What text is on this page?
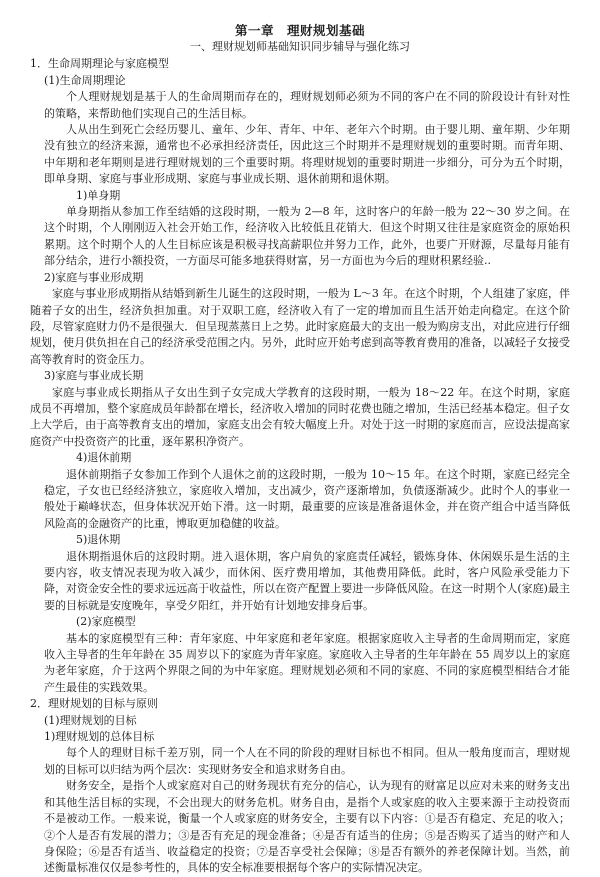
第一章　理财规划基础
一、理财规划师基础知识同步辅导与强化练习
1．生命周期理论与家庭模型
(1)生命周期理论

个人理财规划是基于人的生命周期而存在的，理财规划师必须为不同的客户在不同的阶段设计有针对性的策略，来帮助他们实现自己的生活目标。

人从出生到死亡会经历婴儿、童年、少年、青年、中年、老年六个时期。由于婴儿期、童年期、少年期没有独立的经济来源，通常也不必承担经济责任，因此这三个时期并不是理财规划的重要时期。而青年期、中年期和老年期则是进行理财规划的三个重要时期。将理财规划的重要时期进一步细分，可分为五个时期，即单身期、家庭与事业形成期、家庭与事业成长期、退休前期和退休期。

1)单身期

单身期指从参加工作至结婚的这段时期，一般为 2—8 年，这时客户的年龄一般为 22～30 岁之间。在这个时期，个人刚刚迈入社会开始工作，经济收入比较低且花销大．但这个时期又往往是家庭资金的原始积累期。这个时期个人的人生目标应该是积极寻找高薪职位并努力工作，此外，也要广开财源，尽量每月能有部分结余，进行小额投资，一方面尽可能多地获得财富，另一方面也为今后的理财积累经验..

2)家庭与事业形成期

家庭与事业形成期指从结婚到新生儿诞生的这段时期，一般为 L～3 年。在这个时期，个人组建了家庭，伴随着子女的出生，经济负担加重。对于双职工庭，经济收入有了一定的增加而且生活开始走向稳定。在这个阶段，尽管家庭财力仍不是很强大．但呈现蒸蒸日上之势。此时家庭最大的支出一般为购房支出，对此应进行仔细规划，使月供负担在自己的经济承受范围之内。另外，此时应开始考虑到高等教育费用的准备，以减轻子女接受高等教育时的资金压力。

3)家庭与事业成长期

家庭与事业成长期指从子女出生到子女完成大学教育的这段时期，一般为 18～22 年。在这个时期，家庭成员不再增加，整个家庭成员年龄都在增长，经济收入增加的同时花费也随之增加，生活已经基本稳定。但子女上大学后，由于高等教育支出的增加，家庭支出会有较大幅度上升。对处于这一时期的家庭而言，应设法提高家庭资产中投资资产的比重，逐年累积净资产。

4)退休前期

退休前期指子女参加工作到个人退休之前的这段时期，一般为 10～15 年。在这个时期，家庭已经完全稳定，子女也已经经济独立，家庭收入增加，支出减少，资产逐渐增加，负债逐渐减少。此时个人的事业一般处于巅峰状态，但身体状况开始下滑。这一时期，最重要的应该是准备退休金，并在资产组合中适当降低风险高的金融资产的比重，博取更加稳健的收益。

5)退休期

退休期指退休后的这段时期。进入退休期，客户肩负的家庭责任减轻，锻炼身体、休闲娱乐是生活的主要内容，收支情况表现为收入减少，而休闲、医疗费用增加，其他费用降低。此时，客户风险承受能力下降，对资金安全性的要求远远高于收益性，所以在资产配置上要进一步降低风险。在这一时期个人(家庭)最主要的目标就是安度晚年，享受夕阳红，并开始有计划地安排身后事。

(2)家庭模型

基本的家庭模型有三种：青年家庭、中年家庭和老年家庭。根据家庭收入主导者的生命周期而定，家庭收入主导者的生年年龄在 35 周岁以下的家庭为青年家庭。家庭收入主导者的生年年龄在 55 周岁以上的家庭为老年家庭，介于这两个界限之间的为中年家庭。理财规划必须和不同的家庭、不同的家庭模型相结合才能产生最佳的实践效果。

2．理财规划的目标与原则
(1)理财规划的目标
1)理财规划的总体目标

每个人的理财目标千差万别，同一个人在不同的阶段的理财目标也不相同。但从一般角度而言，理财规划的目标可以归结为两个层次：实现财务安全和追求财务自由。

财务安全，是指个人或家庭对自己的财务现状有充分的信心，认为现有的财富足以应对未来的财务支出和其他生活目标的实现，不会出现大的财务危机。财务自由，是指个人或家庭的收入主要来源于主动投资而不是被动工作。一般来说，衡量一个人或家庭的财务安全，主要有以下内容：①是否有稳定、充足的收入；②个人是否有发展的潜力；③是否有充足的现金准备；④是否有适当的住房；⑤是否购买了适当的财产和人身保险；⑥是否有适当、收益稳定的投资；⑦是否享受社会保障；⑧是否有额外的养老保障计划。当然，前述衡量标准仅仅是参考性的，具体的安全标准要根据每个客户的实际情况决定。
